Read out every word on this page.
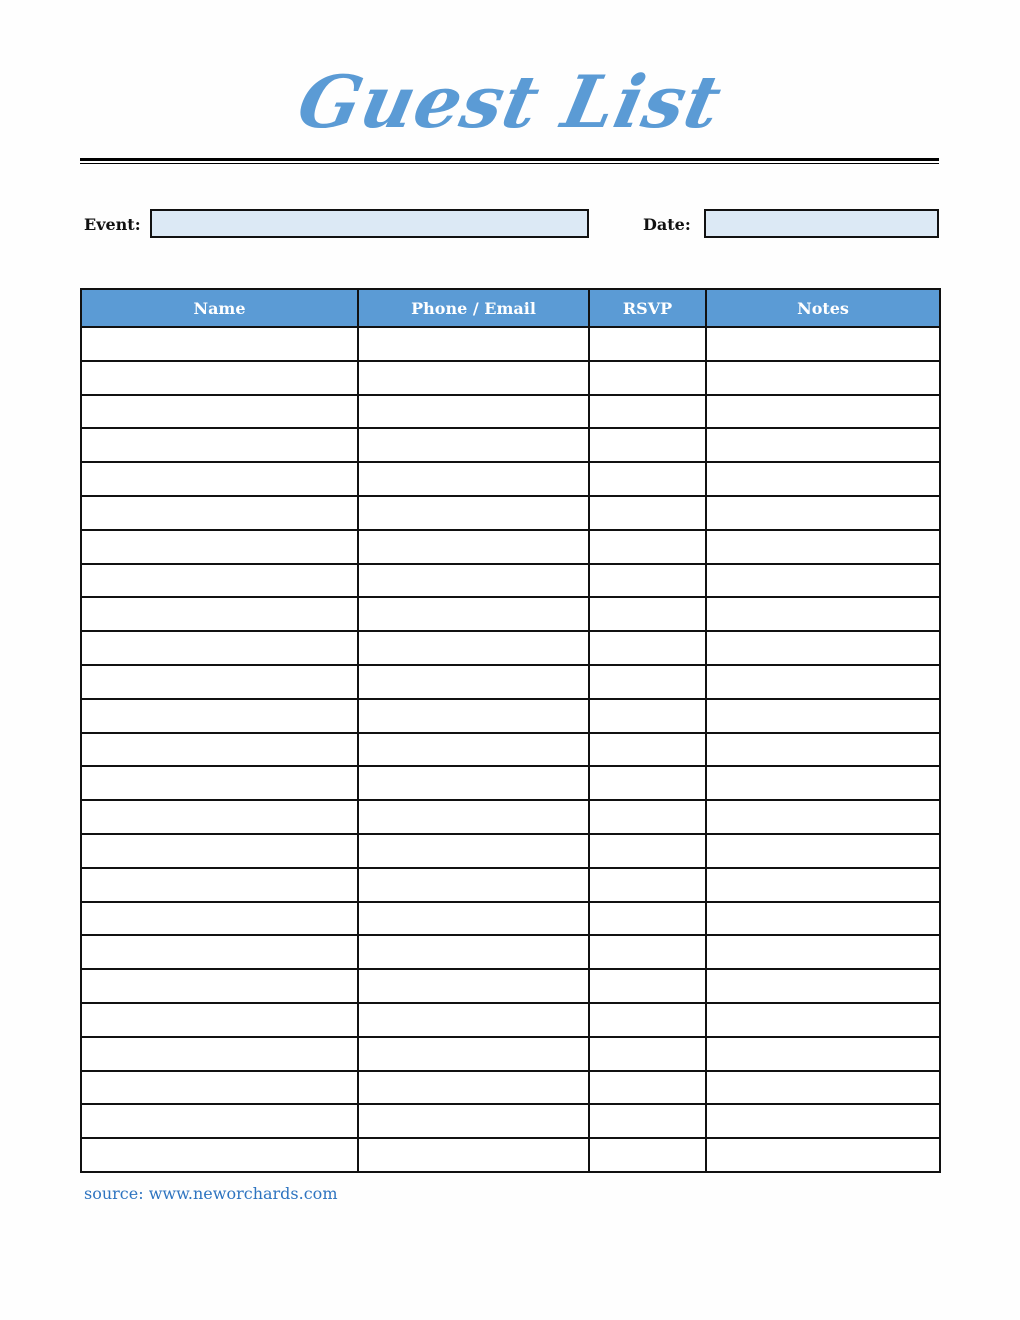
Guest List
Event:	Date:
Name	Phone / Email	RSVP	Notes

source: www.neworchards.com
